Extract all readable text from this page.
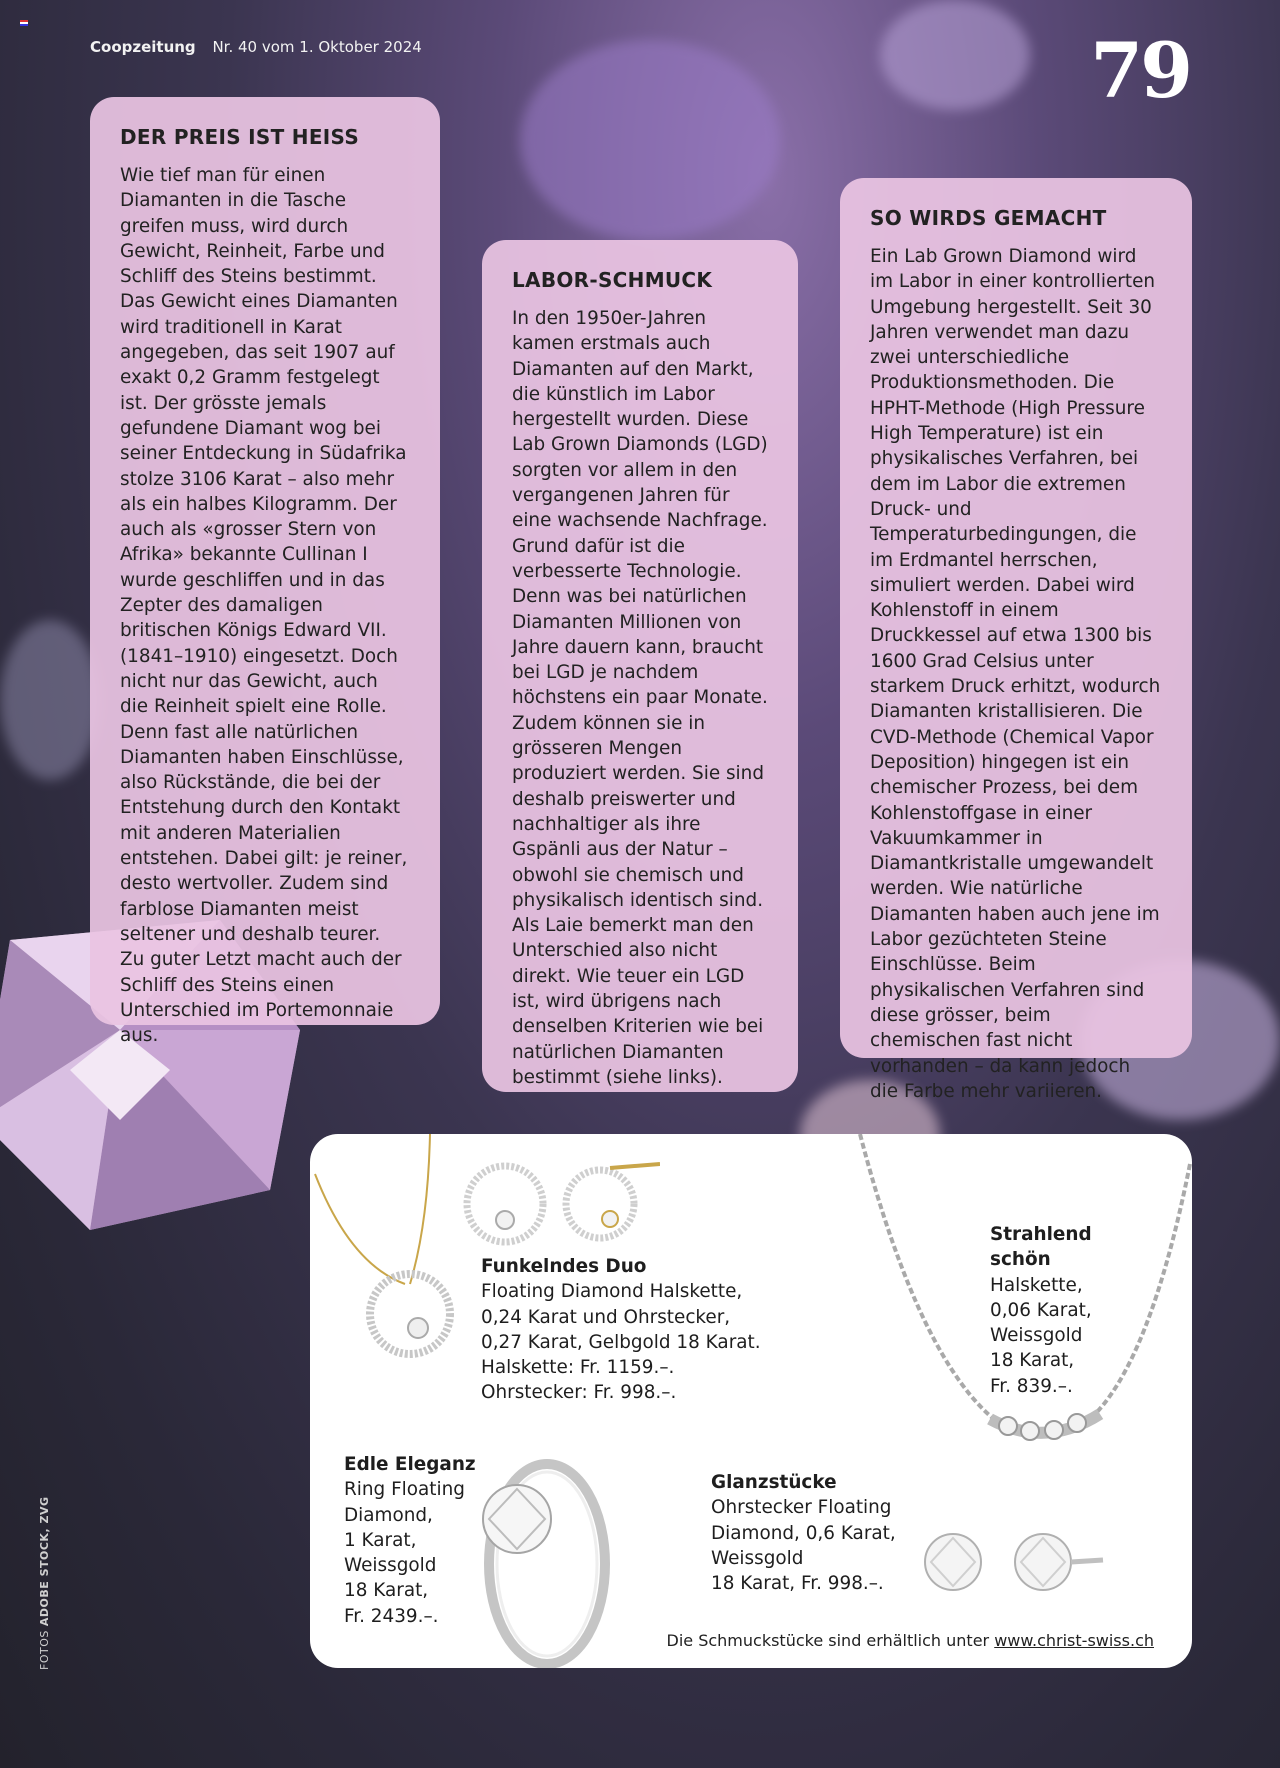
Coopzeitung Nr. 40 vom 1. Oktober 2024	79
DER PREIS IST HEISS

Wie tief man für einen Diamanten in die Tasche greifen muss, wird durch Gewicht, Reinheit, Farbe und Schliff des Steins bestimmt. Das Gewicht eines Diamanten wird traditionell in Karat angegeben, das seit 1907 auf exakt 0,2 Gramm festgelegt ist. Der grösste jemals gefundene Diamant wog bei seiner Entdeckung in Südafrika stolze 3106 Karat – also mehr als ein halbes Kilogramm. Der auch als «grosser Stern von Afrika» bekannte Cullinan I wurde geschliffen und in das Zepter des damaligen britischen Königs Edward VII. (1841–1910) eingesetzt. Doch nicht nur das Gewicht, auch die Reinheit spielt eine Rolle. Denn fast alle natürlichen Diamanten haben Einschlüsse, also Rückstände, die bei der Entstehung durch den Kontakt mit anderen Materialien entstehen. Dabei gilt: je reiner, desto wertvoller. Zudem sind farblose Diamanten meist seltener und deshalb teurer. Zu guter Letzt macht auch der Schliff des Steins einen Unterschied im Portemonnaie aus.

LABOR-SCHMUCK

In den 1950er-Jahren kamen erstmals auch Diamanten auf den Markt, die künstlich im Labor hergestellt wurden. Diese Lab Grown Diamonds (LGD) sorgten vor allem in den vergangenen Jahren für eine wachsende Nachfrage. Grund dafür ist die verbesserte Technologie. Denn was bei natürlichen Diamanten Millionen von Jahre dauern kann, braucht bei LGD je nachdem höchstens ein paar Monate. Zudem können sie in grösseren Mengen produziert werden. Sie sind deshalb preiswerter und nachhaltiger als ihre Gspänli aus der Natur – obwohl sie chemisch und physikalisch identisch sind. Als Laie bemerkt man den Unterschied also nicht direkt. Wie teuer ein LGD ist, wird übrigens nach denselben Kriterien wie bei natürlichen Diamanten bestimmt (siehe links).

SO WIRDS GEMACHT

Ein Lab Grown Diamond wird im Labor in einer kontrollierten Umgebung hergestellt. Seit 30 Jahren verwendet man dazu zwei unterschiedliche Produktionsmethoden. Die HPHT-Methode (High Pressure High Temperature) ist ein physikalisches Verfahren, bei dem im Labor die extremen Druck- und Temperaturbedingungen, die im Erdmantel herrschen, simuliert werden. Dabei wird Kohlenstoff in einem Druckkessel auf etwa 1300 bis 1600 Grad Celsius unter starkem Druck erhitzt, wodurch Diamanten kristallisieren. Die CVD-Methode (Chemical Vapor Deposition) hingegen ist ein chemischer Prozess, bei dem Kohlenstoffgase in einer Vakuumkammer in Diamantkristalle umgewandelt werden. Wie natürliche Diamanten haben auch jene im Labor gezüchteten Steine Einschlüsse. Beim physikalischen Verfahren sind diese grösser, beim chemischen fast nicht vorhanden – da kann jedoch die Farbe mehr variieren.

FOTOS ADOBE STOCK, ZVG
Funkelndes Duo
Floating Diamond Halskette,
0,24 Karat und Ohrstecker,
0,27 Karat, Gelbgold 18 Karat.
Halskette: Fr. 1159.–.
Ohrstecker: Fr. 998.–.
Strahlend
schön
Halskette,
0,06 Karat,
Weissgold
18 Karat,
Fr. 839.–.
Edle Eleganz
Ring Floating
Diamond,
1 Karat,
Weissgold
18 Karat,
Fr. 2439.–.
Glanzstücke
Ohrstecker Floating
Diamond, 0,6 Karat,
Weissgold
18 Karat, Fr. 998.–.
Die Schmuckstücke sind erhältlich unter www.christ-swiss.ch
